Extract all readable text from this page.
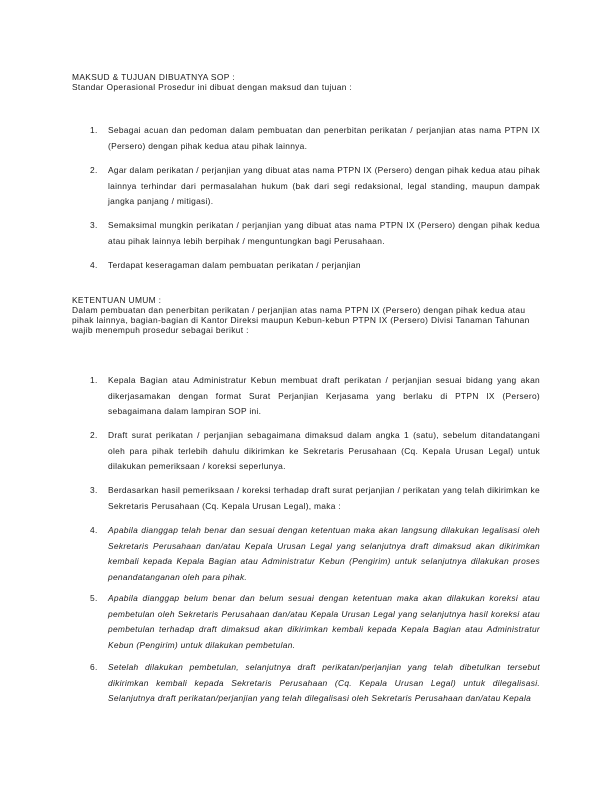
MAKSUD & TUJUAN DIBUATNYA SOP :
Standar Operasional Prosedur ini dibuat dengan maksud dan tujuan :
1.	Sebagai acuan dan pedoman dalam pembuatan dan penerbitan perikatan / perjanjian atas nama PTPN IX (Persero) dengan pihak kedua atau pihak lainnya.
2.	Agar dalam perikatan / perjanjian yang dibuat atas nama PTPN IX (Persero) dengan pihak kedua atau pihak lainnya terhindar dari permasalahan hukum (bak dari segi redaksional, legal standing, maupun dampak jangka panjang / mitigasi).
3.	Semaksimal mungkin perikatan / perjanjian yang dibuat atas nama PTPN IX (Persero) dengan pihak kedua atau pihak lainnya lebih berpihak / menguntungkan bagi Perusahaan.
4.	Terdapat keseragaman dalam pembuatan perikatan / perjanjian
KETENTUAN UMUM :
Dalam pembuatan dan penerbitan perikatan / perjanjian atas nama PTPN IX (Persero) dengan pihak kedua atau pihak lainnya, bagian-bagian di Kantor Direksi maupun Kebun-kebun PTPN IX (Persero) Divisi Tanaman Tahunan wajib menempuh prosedur sebagai berikut :
1.	Kepala Bagian atau Administratur Kebun membuat draft perikatan / perjanjian sesuai bidang yang akan dikerjasamakan dengan format Surat Perjanjian Kerjasama yang berlaku di PTPN IX (Persero) sebagaimana dalam lampiran SOP ini.
2.	Draft surat perikatan / perjanjian sebagaimana dimaksud dalam angka 1 (satu), sebelum ditandatangani oleh para pihak terlebih dahulu dikirimkan ke Sekretaris Perusahaan (Cq. Kepala Urusan Legal) untuk dilakukan pemeriksaan / koreksi seperlunya.
3.	Berdasarkan hasil pemeriksaan / koreksi terhadap draft surat perjanjian / perikatan yang telah dikirimkan ke Sekretaris Perusahaan (Cq. Kepala Urusan Legal), maka :
4.	Apabila dianggap telah benar dan sesuai dengan ketentuan maka akan langsung dilakukan legalisasi oleh Sekretaris Perusahaan dan/atau Kepala Urusan Legal yang selanjutnya draft dimaksud akan dikirimkan kembali kepada Kepala Bagian atau Administratur Kebun (Pengirim) untuk selanjutnya dilakukan proses penandatanganan oleh para pihak.
5.	Apabila dianggap belum benar dan belum sesuai dengan ketentuan maka akan dilakukan koreksi atau pembetulan oleh Sekretaris Perusahaan dan/atau Kepala Urusan Legal yang selanjutnya hasil koreksi atau pembetulan terhadap draft dimaksud akan dikirimkan kembali kepada Kepala Bagian atau Administratur Kebun (Pengirim) untuk dilakukan pembetulan.
6.	Setelah dilakukan pembetulan, selanjutnya draft perikatan/perjanjian yang telah dibetulkan tersebut dikirimkan kembali kepada Sekretaris Perusahaan (Cq. Kepala Urusan Legal) untuk dilegalisasi. Selanjutnya draft perikatan/perjanjian yang telah dilegalisasi oleh Sekretaris Perusahaan dan/atau Kepala
